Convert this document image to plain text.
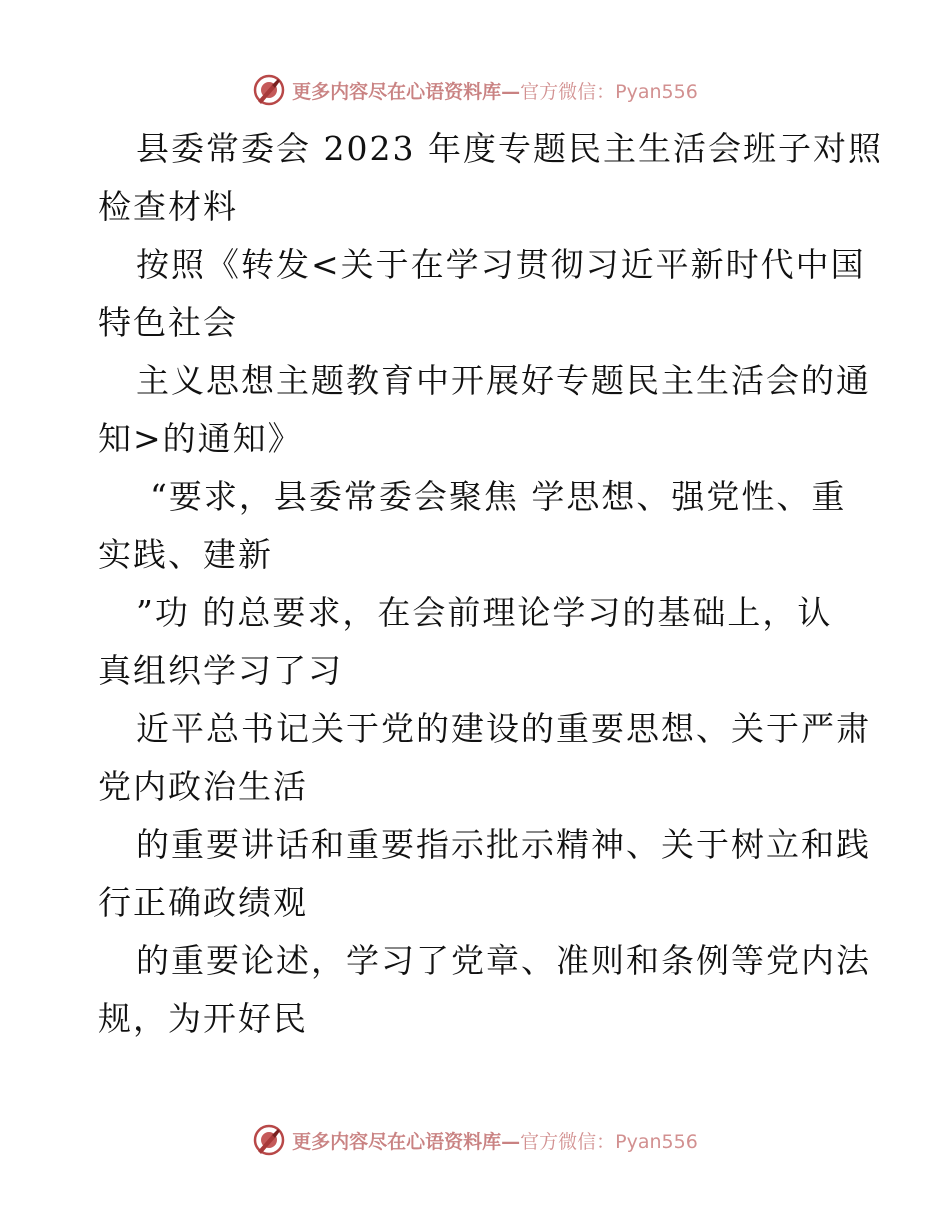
更多内容尽在心语资料库—官方微信：Pyan556
县委常委会 2023 年度专题民主生活会班子对照
检查材料
按照《转发<关于在学习贯彻习近平新时代中国
特色社会
主义思想主题教育中开展好专题民主生活会的通
知>的通知》
“要求，县委常委会聚焦 学思想、强党性、重
实践、建新
”功 的总要求，在会前理论学习的基础上，认
真组织学习了习
近平总书记关于党的建设的重要思想、关于严肃
党内政治生活
的重要讲话和重要指示批示精神、关于树立和践
行正确政绩观
的重要论述，学习了党章、准则和条例等党内法
规，为开好民
更多内容尽在心语资料库—官方微信：Pyan556
